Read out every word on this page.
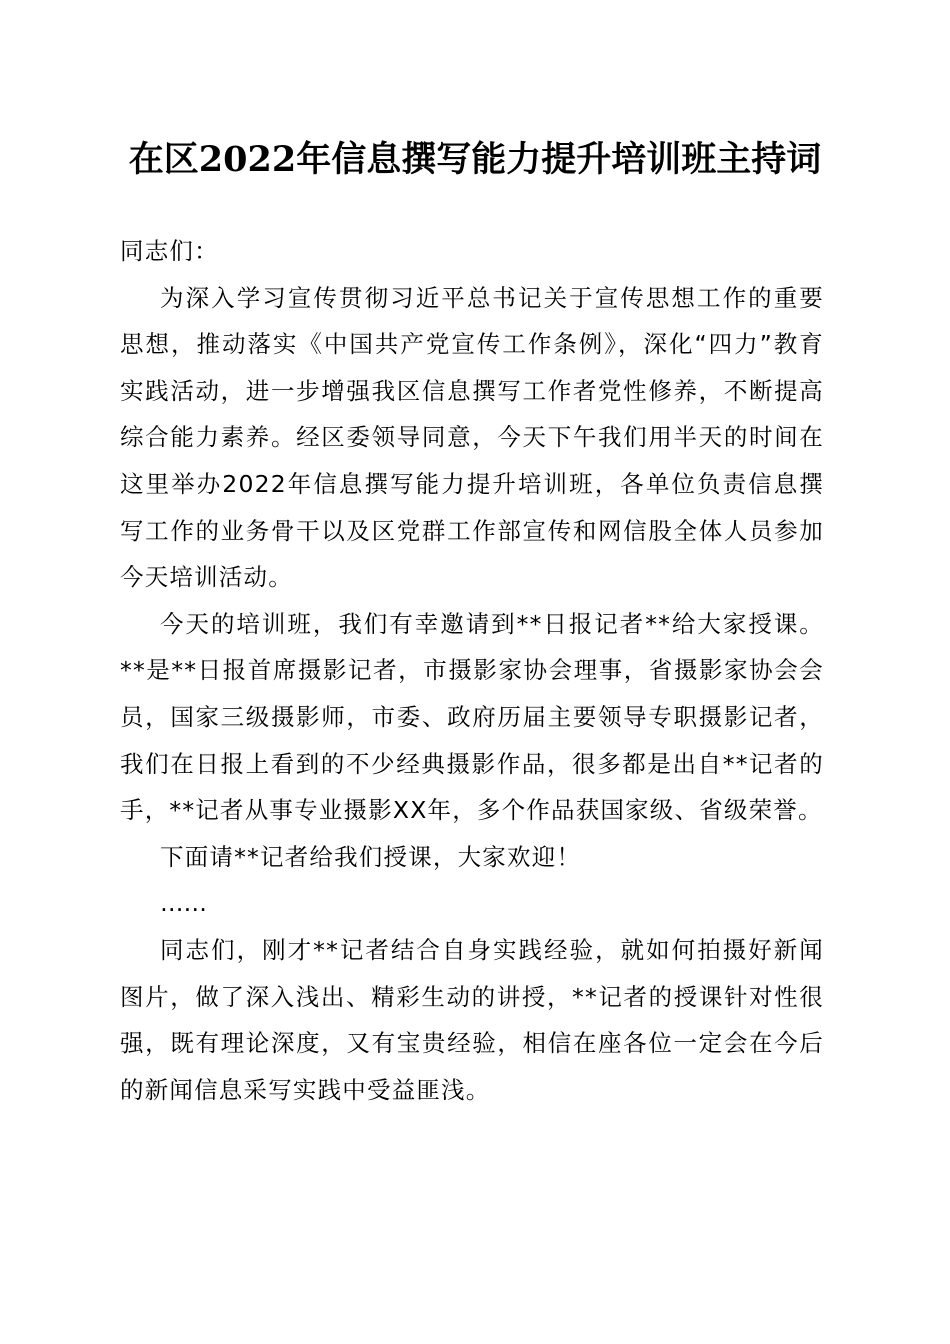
在区2022年信息撰写能力提升培训班主持词

同志们：

为深入学习宣传贯彻习近平总书记关于宣传思想工作的重要思想，推动落实《中国共产党宣传工作条例》，深化“四力”教育实践活动，进一步增强我区信息撰写工作者党性修养，不断提高综合能力素养。经区委领导同意，今天下午我们用半天的时间在这里举办2022年信息撰写能力提升培训班，各单位负责信息撰写工作的业务骨干以及区党群工作部宣传和网信股全体人员参加今天培训活动。

今天的培训班，我们有幸邀请到**日报记者**给大家授课。**是**日报首席摄影记者，市摄影家协会理事，省摄影家协会会员，国家三级摄影师，市委、政府历届主要领导专职摄影记者，我们在日报上看到的不少经典摄影作品，很多都是出自**记者的手，**记者从事专业摄影XX年，多个作品获国家级、省级荣誉。

下面请**记者给我们授课，大家欢迎！

……

同志们，刚才**记者结合自身实践经验，就如何拍摄好新闻图片，做了深入浅出、精彩生动的讲授，**记者的授课针对性很强，既有理论深度，又有宝贵经验，相信在座各位一定会在今后的新闻信息采写实践中受益匪浅。
